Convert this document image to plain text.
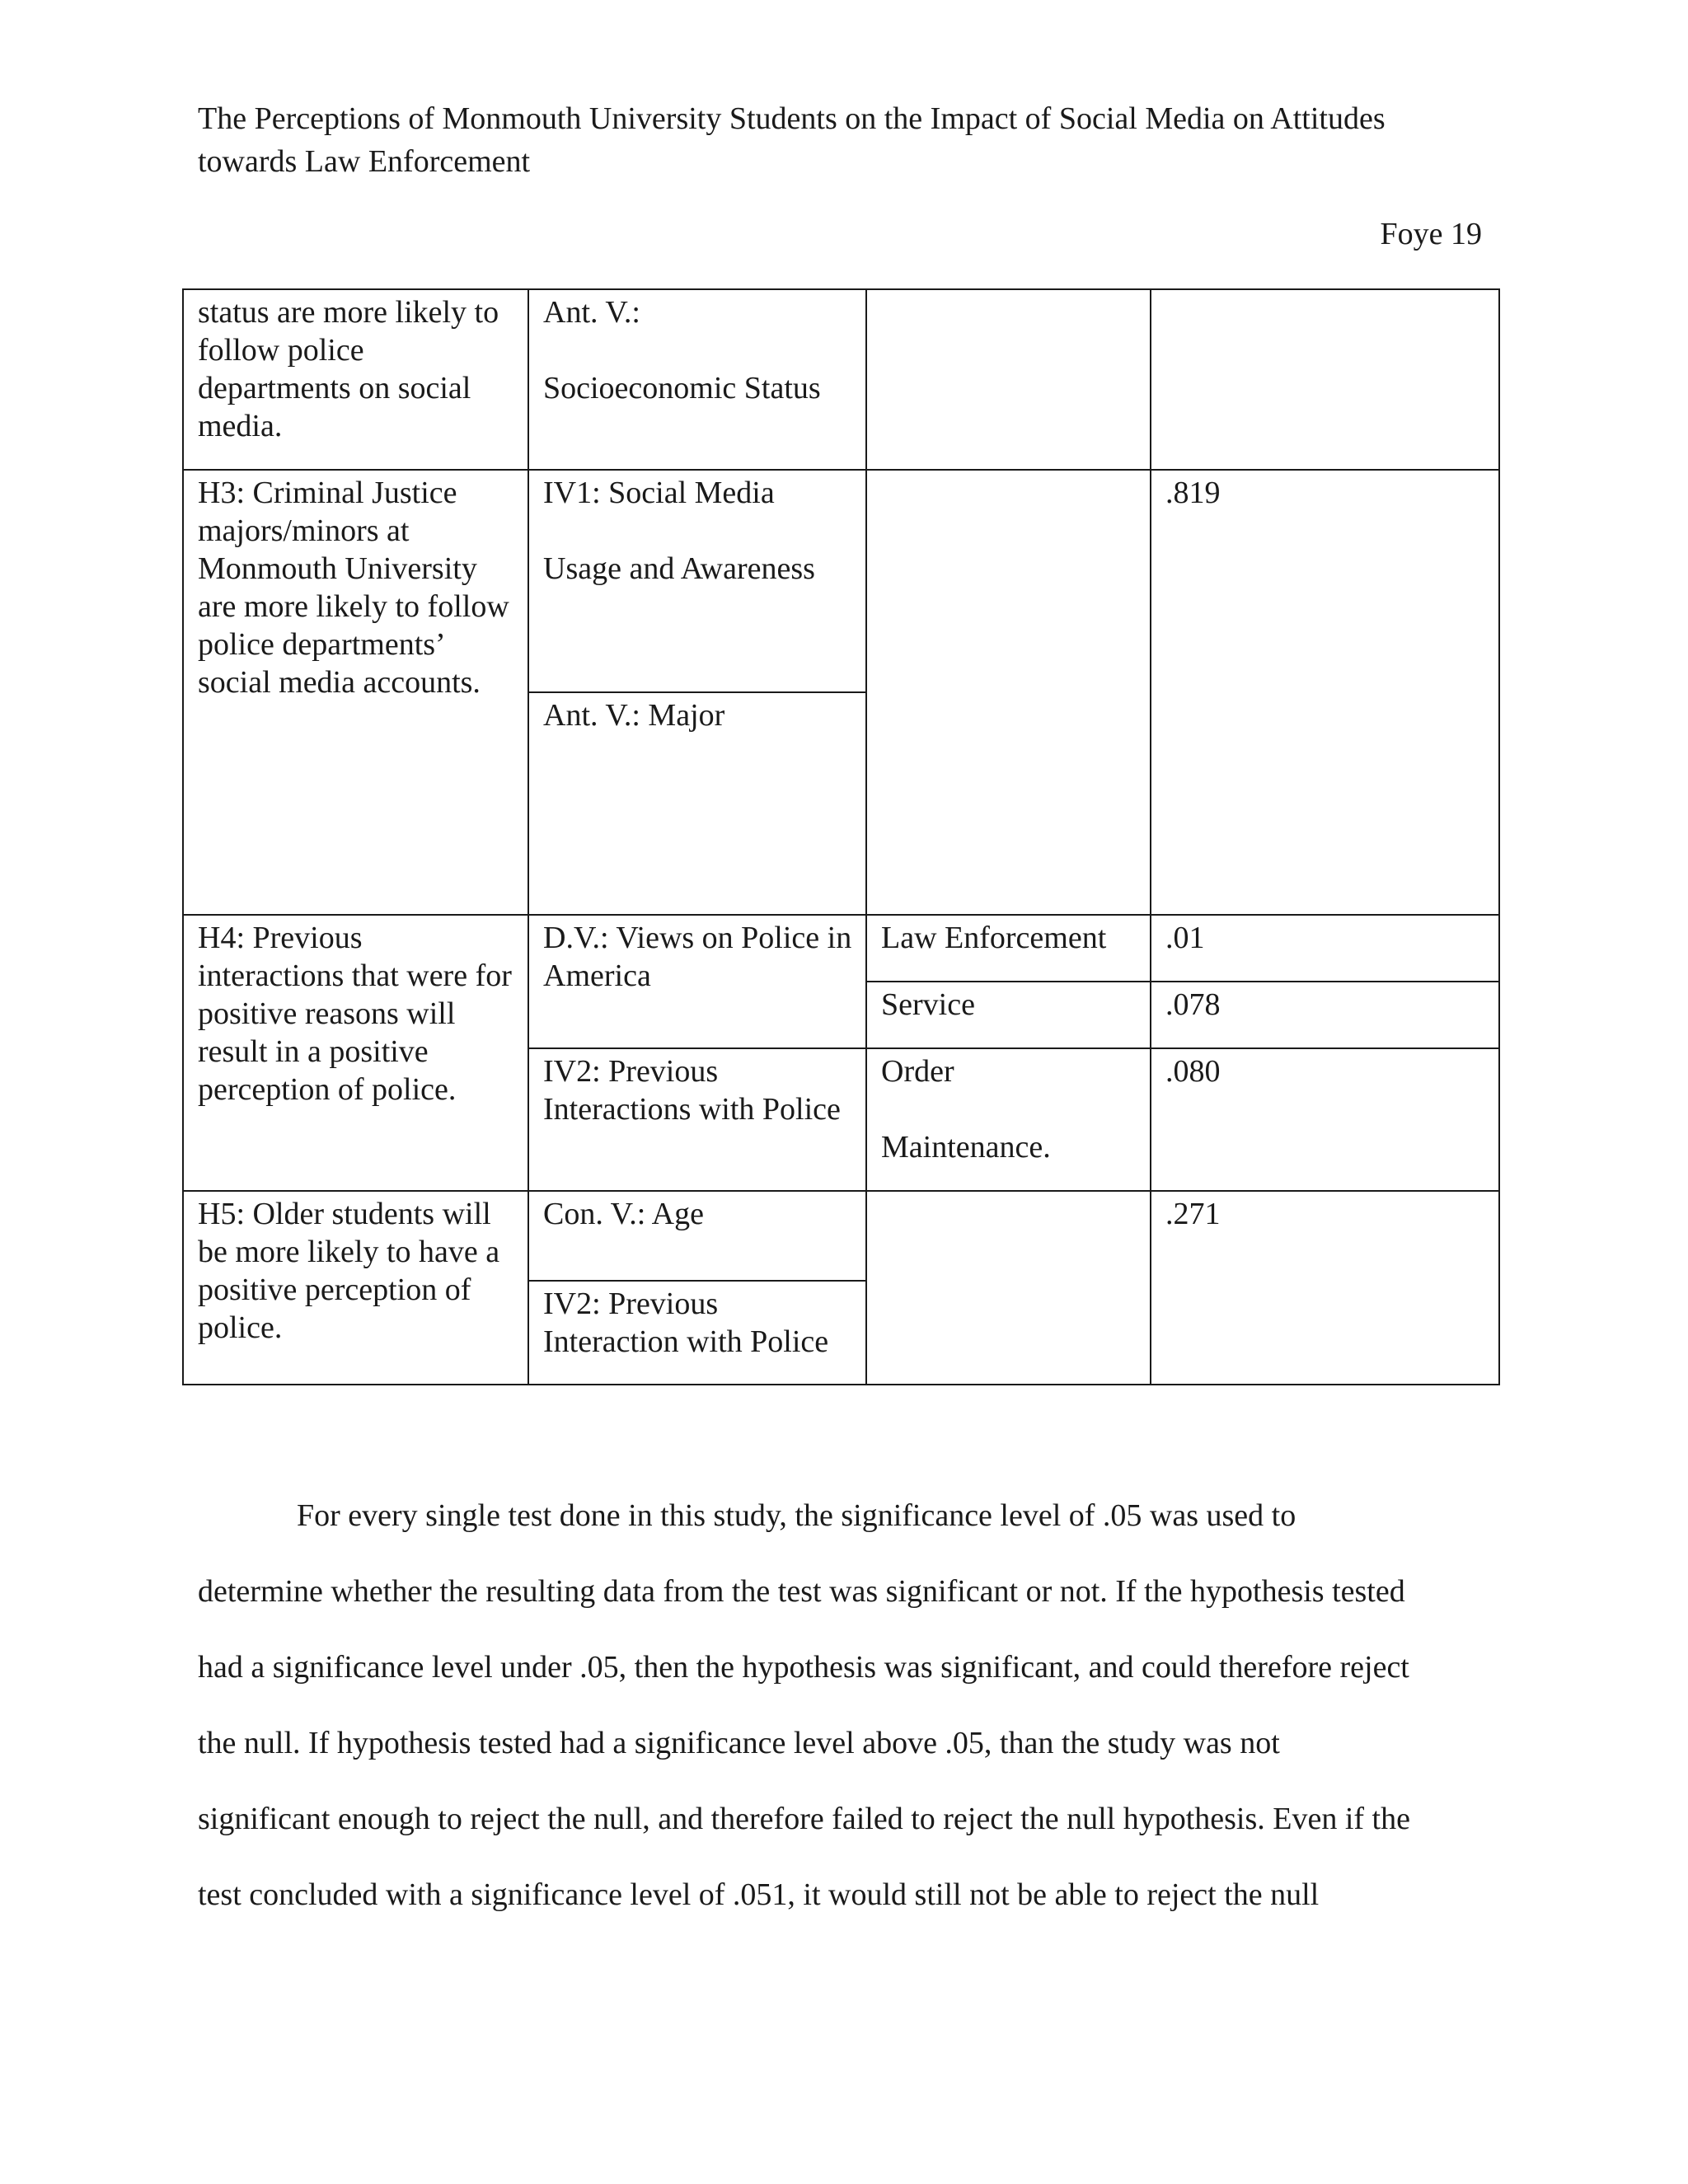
The Perceptions of Monmouth University Students on the Impact of Social Media on Attitudes
towards Law Enforcement
Foye 19
status are more likely to follow police departments on social media.	Ant. V.:
Socioeconomic Status		

H3: Criminal Justice majors/minors at Monmouth University are more likely to follow police departments’ social media accounts.	IV1: Social Media
Usage and Awareness		.819
	Ant. V.: Major		
H4: Previous interactions that were for positive reasons will result in a positive perception of police.	D.V.: Views on Police in America	Law Enforcement	.01
		Service	.078
	IV2: Previous Interactions with Police	Order
Maintenance.	.080
H5: Older students will be more likely to have a positive perception of police.	Con. V.: Age		.271
	IV2: Previous Interaction with Police		

For every single test done in this study, the significance level of .05 was used to
determine whether the resulting data from the test was significant or not. If the hypothesis tested
had a significance level under .05, then the hypothesis was significant, and could therefore reject
the null. If hypothesis tested had a significance level above .05, than the study was not
significant enough to reject the null, and therefore failed to reject the null hypothesis. Even if the
test concluded with a significance level of .051, it would still not be able to reject the null
